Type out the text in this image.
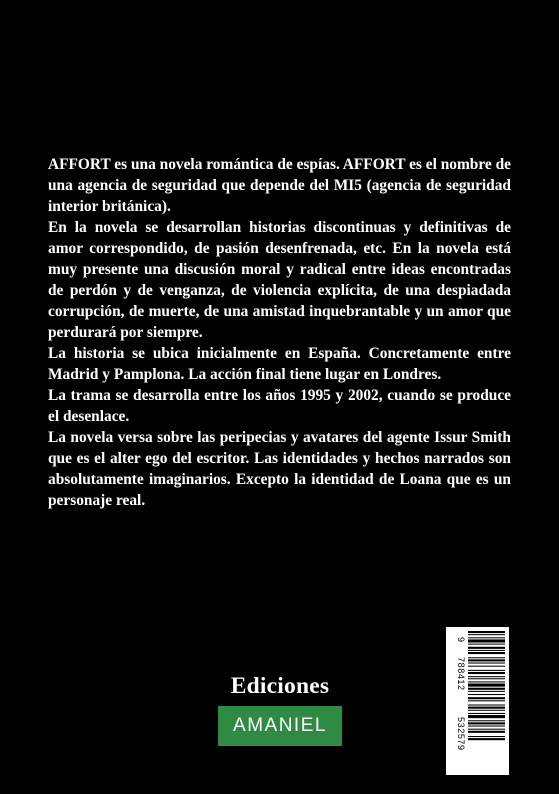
AFFORT es una novela romántica de espías. AFFORT es el nombre de una agencia de seguridad que depende del MI5 (agencia de seguridad interior británica).

En la novela se desarrollan historias discontinuas y definitivas de amor correspondido, de pasión desenfrenada, etc. En la novela está muy presente una discusión moral y radical entre ideas encontradas de perdón y de venganza, de violencia explícita, de una despiadada corrupción, de muerte, de una amistad inquebrantable y un amor que perdurará por siempre.

La historia se ubica inicialmente en España. Concretamente entre Madrid y Pamplona. La acción final tiene lugar en Londres.

La trama se desarrolla entre los años 1995 y 2002, cuando se produce el desenlace.

La novela versa sobre las peripecias y avatares del agente Issur Smith que es el alter ego del escritor. Las identidades y hechos narrados son absolutamente imaginarios. Excepto la identidad de Loana que es un personaje real.

Ediciones
AMANIEL
9
788412
532579
